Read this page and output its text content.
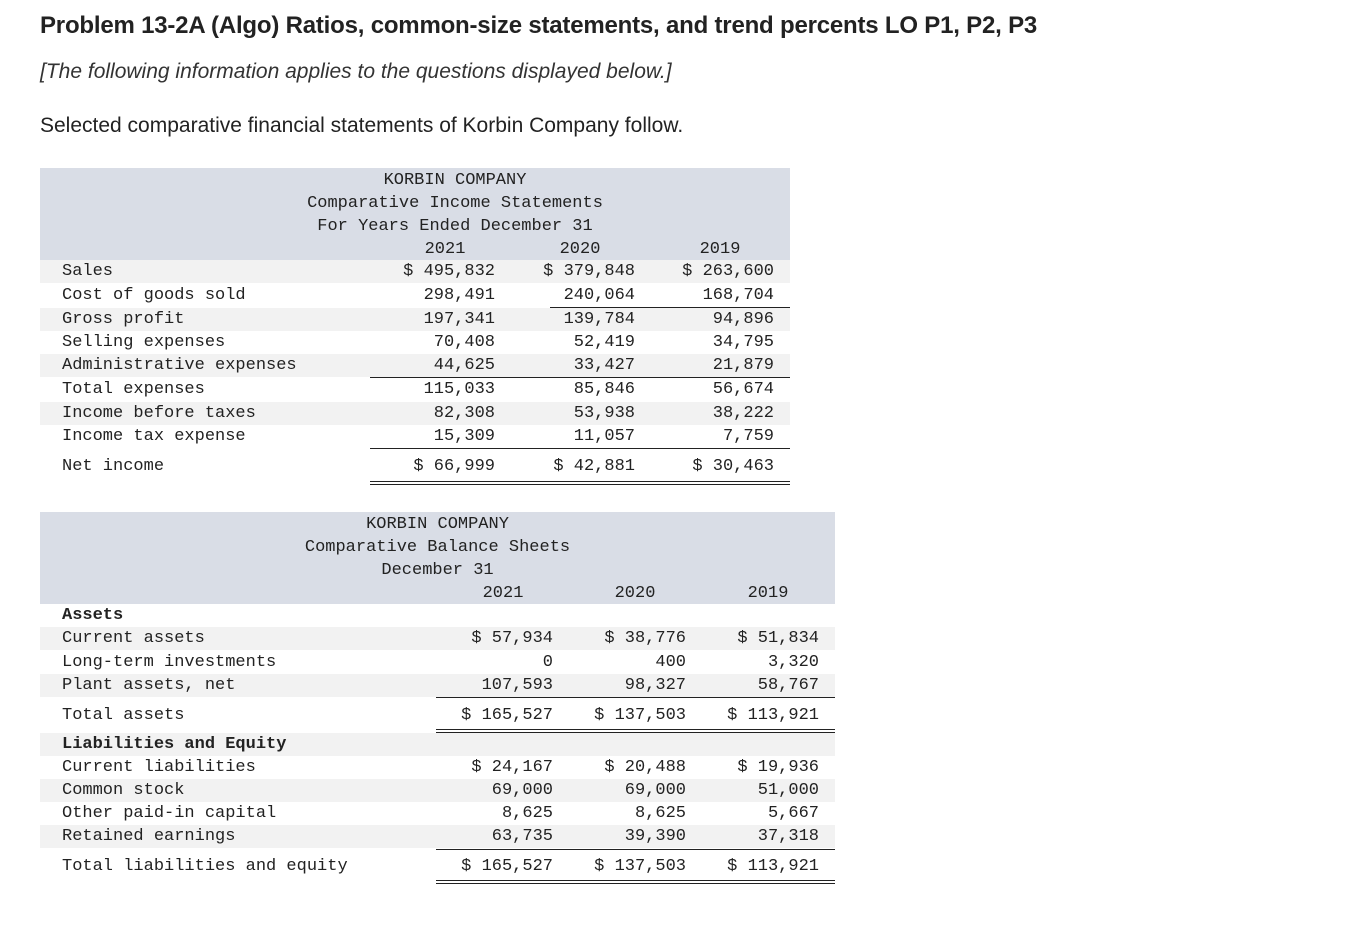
Problem 13-2A (Algo) Ratios, common-size statements, and trend percents LO P1, P2, P3

[The following information applies to the questions displayed below.]

Selected comparative financial statements of Korbin Company follow.

KORBIN COMPANY
Comparative Income Statements
For Years Ended December 31
2021	2020	2019
Sales	$ 495,832	$ 379,848	$ 263,600
Cost of goods sold	298,491	240,064	168,704
Gross profit	197,341	139,784	94,896
Selling expenses	70,408	52,419	34,795
Administrative expenses	44,625	33,427	21,879
Total expenses	115,033	85,846	56,674
Income before taxes	82,308	53,938	38,222
Income tax expense	15,309	11,057	7,759
Net income	$ 66,999	$ 42,881	$ 30,463
KORBIN COMPANY
Comparative Balance Sheets
December 31
2021	2020	2019
Assets
Current assets	$ 57,934	$ 38,776	$ 51,834
Long-term investments	0	400	3,320
Plant assets, net	107,593	98,327	58,767
Total assets	$ 165,527 $ 137,503 $ 113,921
Liabilities and Equity
Current liabilities	$ 24,167	$ 20,488	$ 19,936
Common stock	69,000	69,000	51,000
Other paid-in capital	8,625	8,625	5,667
Retained earnings	63,735	39,390	37,318
Total liabilities and equity	$ 165,527 $ 137,503 $ 113,921
